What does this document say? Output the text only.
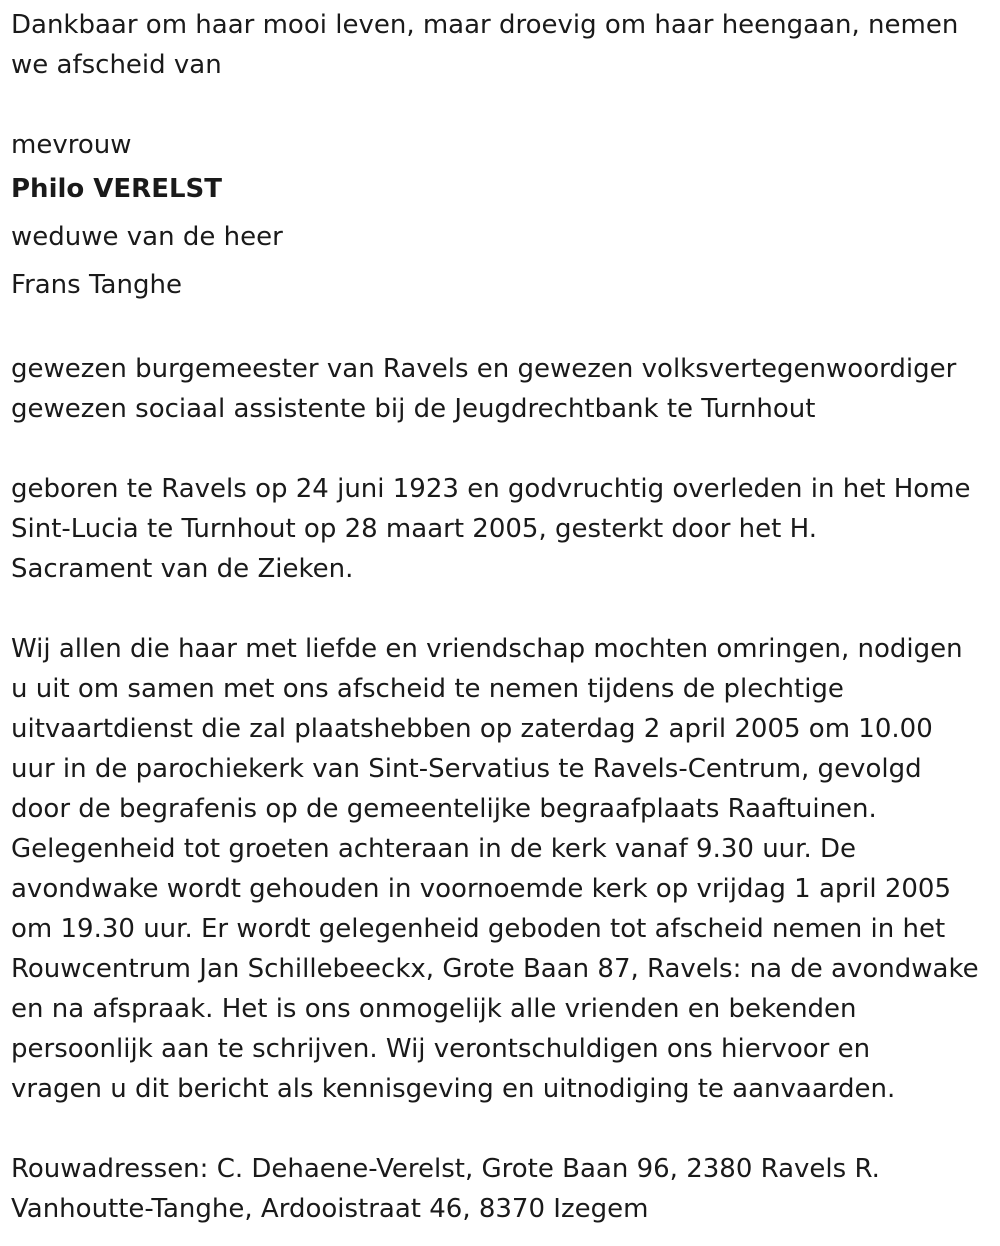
Dankbaar om haar mooi leven, maar droevig om haar heengaan, nemen
we afscheid van

mevrouw
Philo VERELST
weduwe van de heer
Frans Tanghe

gewezen burgemeester van Ravels en gewezen volksvertegenwoordiger
gewezen sociaal assistente bij de Jeugdrechtbank te Turnhout

geboren te Ravels op 24 juni 1923 en godvruchtig overleden in het Home
Sint-Lucia te Turnhout op 28 maart 2005, gesterkt door het H.
Sacrament van de Zieken.

Wij allen die haar met liefde en vriendschap mochten omringen, nodigen
u uit om samen met ons afscheid te nemen tijdens de plechtige
uitvaartdienst die zal plaatshebben op zaterdag 2 april 2005 om 10.00
uur in de parochiekerk van Sint-Servatius te Ravels-Centrum, gevolgd
door de begrafenis op de gemeentelijke begraafplaats Raaftuinen.
Gelegenheid tot groeten achteraan in de kerk vanaf 9.30 uur. De
avondwake wordt gehouden in voornoemde kerk op vrijdag 1 april 2005
om 19.30 uur. Er wordt gelegenheid geboden tot afscheid nemen in het
Rouwcentrum Jan Schillebeeckx, Grote Baan 87, Ravels: na de avondwake
en na afspraak. Het is ons onmogelijk alle vrienden en bekenden
persoonlijk aan te schrijven. Wij verontschuldigen ons hiervoor en
vragen u dit bericht als kennisgeving en uitnodiging te aanvaarden.

Rouwadressen: C. Dehaene-Verelst, Grote Baan 96, 2380 Ravels R.
Vanhoutte-Tanghe, Ardooistraat 46, 8370 Izegem
